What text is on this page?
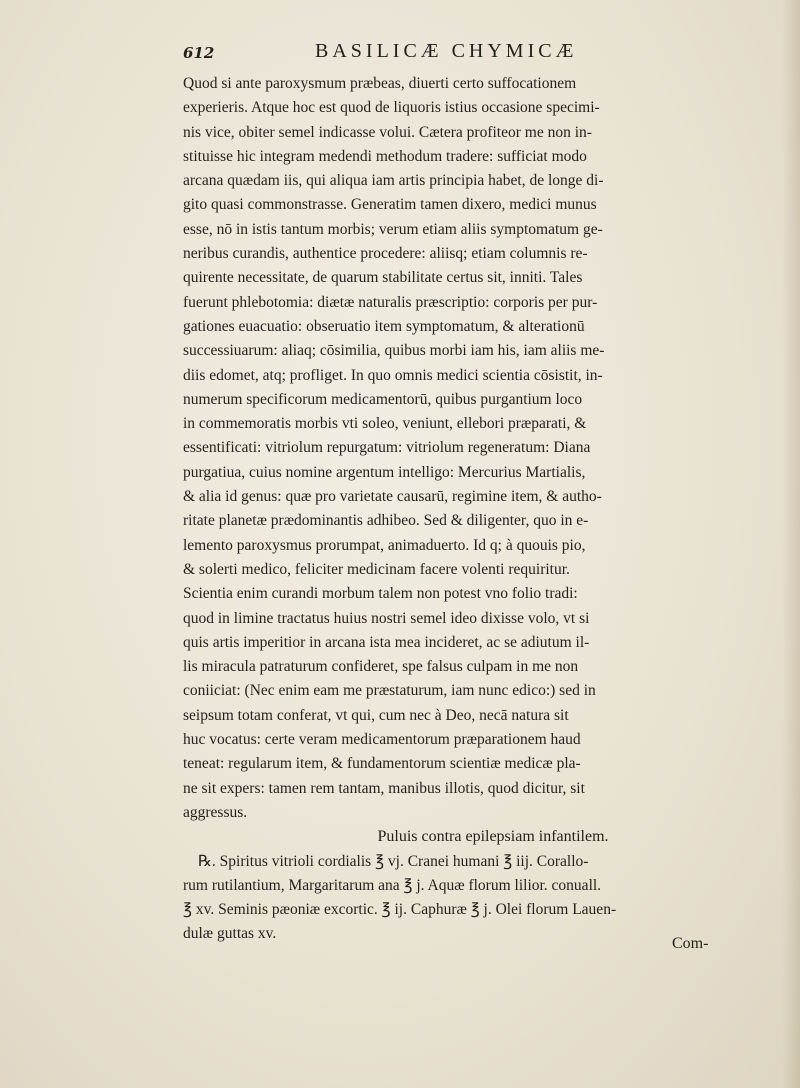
612	BASILICÆ CHYMICÆ
Quod si ante paroxysmum præbeas, diuerti certo suffocationem
experieris. Atque hoc est quod de liquoris istius occasione specimi-
nis vice, obiter semel indicasse volui. Cætera profiteor me non in-
stituisse hic integram medendi methodum tradere: sufficiat modo
arcana quædam iis, qui aliqua iam artis principia habet, de longe di-
gito quasi commonstrasse. Generatim tamen dixero, medici munus
esse, nō in istis tantum morbis; verum etiam aliis symptomatum ge-
neribus curandis, authentice procedere: aliisq; etiam columnis re-
quirente necessitate, de quarum stabilitate certus sit, inniti. Tales
fuerunt phlebotomia: diætæ naturalis præscriptio: corporis per pur-
gationes euacuatio: obseruatio item symptomatum, & alterationū
successiuarum: aliaq; cōsimilia, quibus morbi iam his, iam aliis me-
diis edomet, atq; profliget. In quo omnis medici scientia cōsistit, in-
numerum specificorum medicamentorū, quibus purgantium loco
in commemoratis morbis vti soleo, veniunt, ellebori præparati, &
essentificati: vitriolum repurgatum: vitriolum regeneratum: Diana
purgatiua, cuius nomine argentum intelligo: Mercurius Martialis,
& alia id genus: quæ pro varietate causarū, regimine item, & autho-
ritate planetæ prædominantis adhibeo. Sed & diligenter, quo in e-
lemento paroxysmus prorumpat, animaduerto. Id q; à quouis pio,
& solerti medico, feliciter medicinam facere volenti requiritur.
Scientia enim curandi morbum talem non potest vno folio tradi:
quod in limine tractatus huius nostri semel ideo dixisse volo, vt si
quis artis imperitior in arcana ista mea incideret, ac se adiutum il-
lis miracula patraturum confideret, spe falsus culpam in me non
coniiciat: (Nec enim eam me præstaturum, iam nunc edico:) sed in
seipsum totam conferat, vt qui, cum nec à Deo, necā natura sit
huc vocatus: certe veram medicamentorum præparationem haud
teneat: regularum item, & fundamentorum scientiæ medicæ pla-
ne sit expers: tamen rem tantam, manibus illotis, quod dicitur, sit
aggressus.
Puluis contra epilepsiam infantilem.
℞. Spiritus vitrioli cordialis ℥ vj. Cranei humani ℥ iij. Corallo-
rum rutilantium, Margaritarum ana ℥ j. Aquæ florum lilior. conuall.
℥ xv. Seminis pæoniæ excortic. ℥ ij. Caphuræ ℥ j. Olei florum Lauen-
dulæ guttas xv.
Com-
